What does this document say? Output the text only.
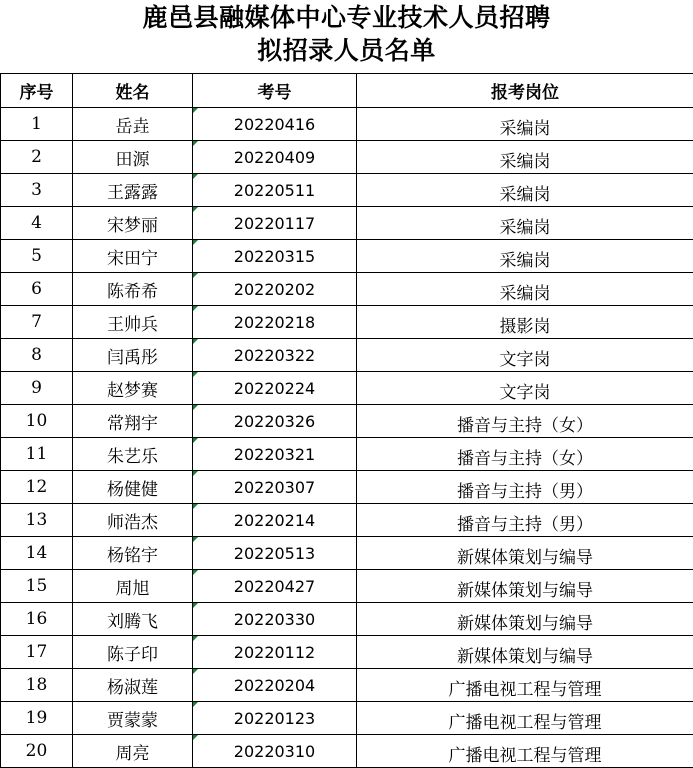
鹿邑县融媒体中心专业技术人员招聘
拟招录人员名单
序号	姓名	考号	报考岗位
1	岳垚	20220416	采编岗
2	田源	20220409	采编岗
3	王露露	20220511	采编岗
4	宋梦丽	20220117	采编岗
5	宋田宁	20220315	采编岗
6	陈希希	20220202	采编岗
7	王帅兵	20220218	摄影岗
8	闫禹彤	20220322	文字岗
9	赵梦赛	20220224	文字岗
10	常翔宇	20220326	播音与主持（女）
11	朱艺乐	20220321	播音与主持（女）
12	杨健健	20220307	播音与主持（男）
13	师浩杰	20220214	播音与主持（男）
14	杨铭宇	20220513	新媒体策划与编导
15	周旭	20220427	新媒体策划与编导
16	刘腾飞	20220330	新媒体策划与编导
17	陈子印	20220112	新媒体策划与编导
18	杨淑莲	20220204	广播电视工程与管理
19	贾蒙蒙	20220123	广播电视工程与管理
20	周亮	20220310	广播电视工程与管理
